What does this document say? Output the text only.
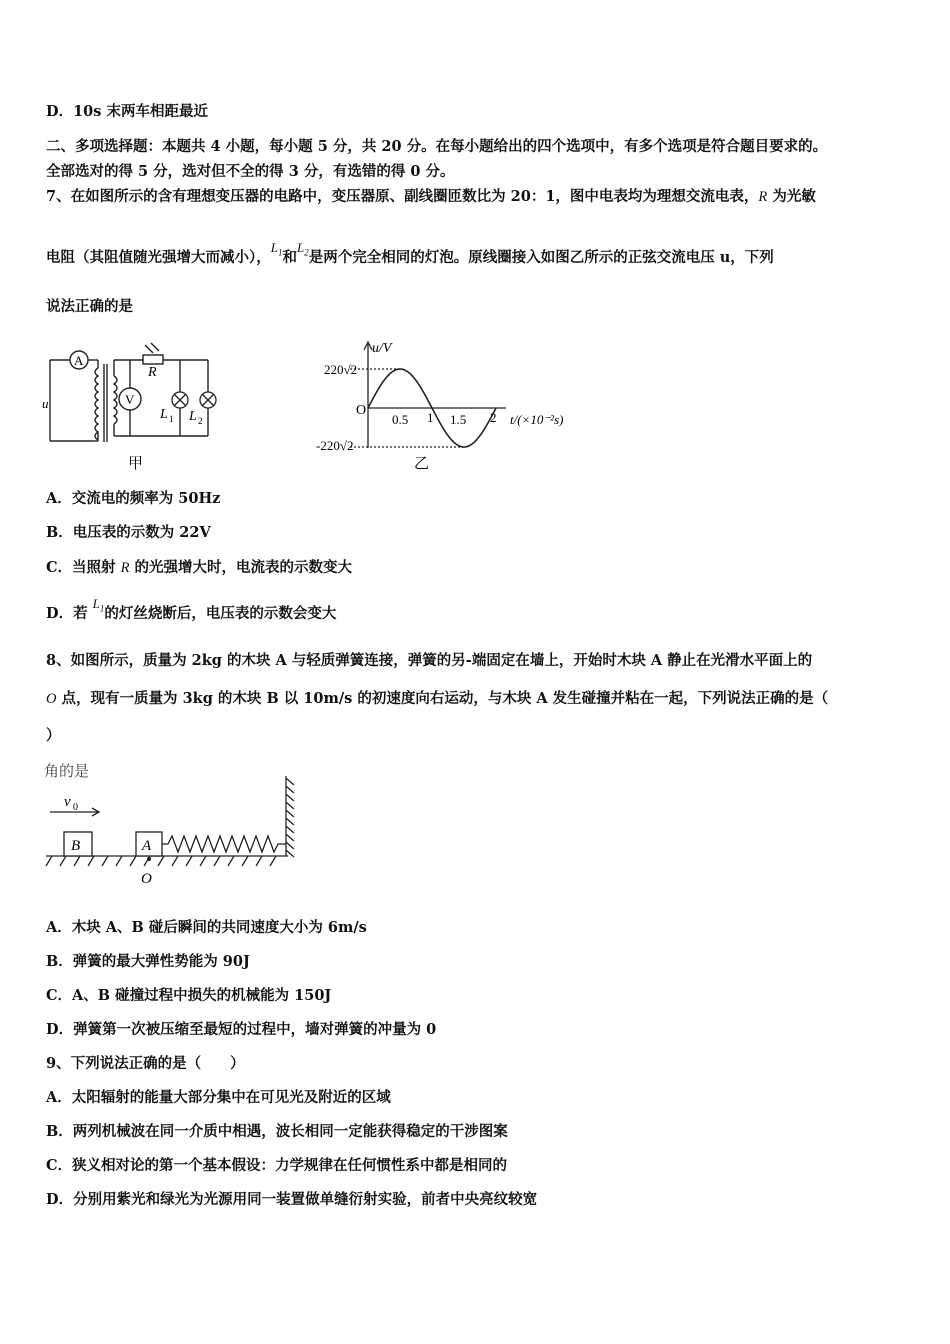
D．10s 末两车相距最近
二、多项选择题：本题共 4 小题，每小题 5 分，共 20 分。在每小题给出的四个选项中，有多个选项是符合题目要求的。
全部选对的得 5 分，选对但不全的得 3 分，有选错的得 0 分。
7、在如图所示的含有理想变压器的电路中，变压器原、副线圈匝数比为 20：1，图中电表均为理想交流电表，R 为光敏
电阻（其阻值随光强增大而减小），$L_1$和$L_2$是两个完全相同的灯泡。原线圈接入如图乙所示的正弦交流电压 u，下列
说法正确的是
A
V
u
R
L 1 L 2
甲
u/V
220√2
O
-220√2
0.5 1 1.5 2 t/(×10⁻²s)
乙
A．交流电的频率为 50Hz
B．电压表的示数为 22V
C．当照射 R 的光强增大时，电流表的示数变大
D．若 $L_1$的灯丝烧断后，电压表的示数会变大
8、如图所示，质量为 2kg 的木块 A 与轻质弹簧连接，弹簧的另-端固定在墙上，开始时木块 A 静止在光滑水平面上的
O 点，现有一质量为 3kg 的木块 B 以 10m/s 的初速度向右运动，与木块 A 发生碰撞并粘在一起，下列说法正确的是（
）
角的是
v 0
B	A
O
A．木块 A、B 碰后瞬间的共同速度大小为 6m/s
B．弹簧的最大弹性势能为 90J
C．A、B 碰撞过程中损失的机械能为 150J
D．弹簧第一次被压缩至最短的过程中，墙对弹簧的冲量为 0
9、下列说法正确的是（　　）
A．太阳辐射的能量大部分集中在可见光及附近的区域
B．两列机械波在同一介质中相遇，波长相同一定能获得稳定的干涉图案
C．狭义相对论的第一个基本假设：力学规律在任何惯性系中都是相同的
D．分别用紫光和绿光为光源用同一装置做单缝衍射实验，前者中央亮纹较宽
